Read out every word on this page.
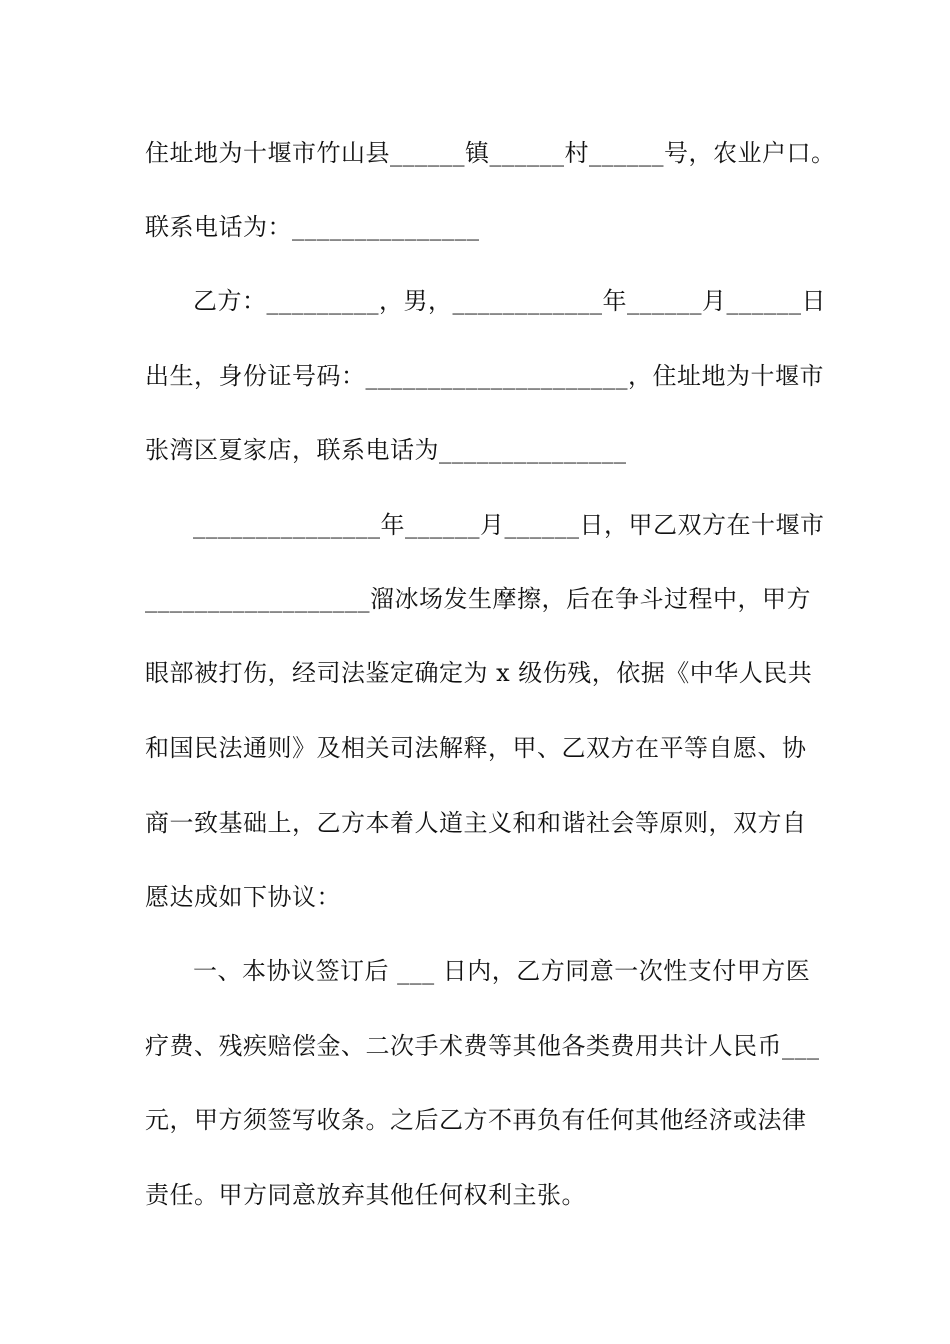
住址地为十堰市竹山县______镇______村______号，农业户口。
联系电话为：_______________
乙方：_________，男，____________年______月______日
出生，身份证号码：_____________________，住址地为十堰市
张湾区夏家店，联系电话为_______________
_______________年______月______日，甲乙双方在十堰市
__________________溜冰场发生摩擦，后在争斗过程中，甲方
眼部被打伤，经司法鉴定确定为 x 级伤残，依据《中华人民共
和国民法通则》及相关司法解释，甲、乙双方在平等自愿、协
商一致基础上，乙方本着人道主义和和谐社会等原则，双方自
愿达成如下协议：
一、本协议签订后 ___ 日内，乙方同意一次性支付甲方医
疗费、残疾赔偿金、二次手术费等其他各类费用共计人民币___
元，甲方须签写收条。之后乙方不再负有任何其他经济或法律
责任。甲方同意放弃其他任何权利主张。
